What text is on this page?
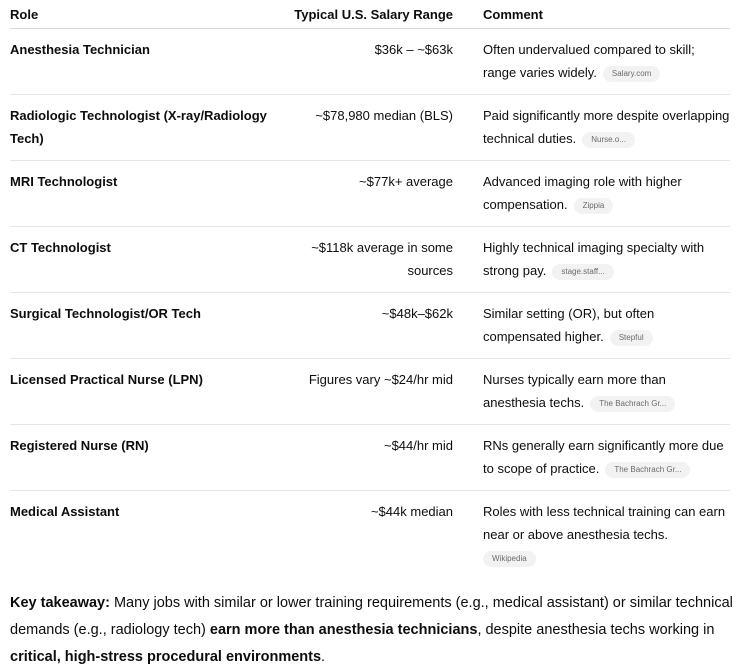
Role	Typical U.S. Salary Range	Comment
Anesthesia Technician	$36k – ~$63k	Often undervalued compared to skill; range varies widely. Salary.com
Radiologic Technologist (X-ray/Radiology Tech)	~$78,980 median (BLS)	Paid significantly more despite overlapping technical duties. Nurse.o...
MRI Technologist	~$77k+ average	Advanced imaging role with higher compensation. Zippia
CT Technologist	~$118k average in some sources	Highly technical imaging specialty with strong pay. stage.staff...
Surgical Technologist/OR Tech	~$48k–$62k	Similar setting (OR), but often compensated higher. Stepful
Licensed Practical Nurse (LPN)	Figures vary ~$24/hr mid	Nurses typically earn more than anesthesia techs. The Bachrach Gr...
Registered Nurse (RN)	~$44/hr mid	RNs generally earn significantly more due to scope of practice. The Bachrach Gr...
Medical Assistant	~$44k median	Roles with less technical training can earn near or above anesthesia techs.
Wikipedia

Key takeaway: Many jobs with similar or lower training requirements (e.g., medical assistant) or similar technical demands (e.g., radiology tech) earn more than anesthesia technicians, despite anesthesia techs working in critical, high-stress procedural environments.
